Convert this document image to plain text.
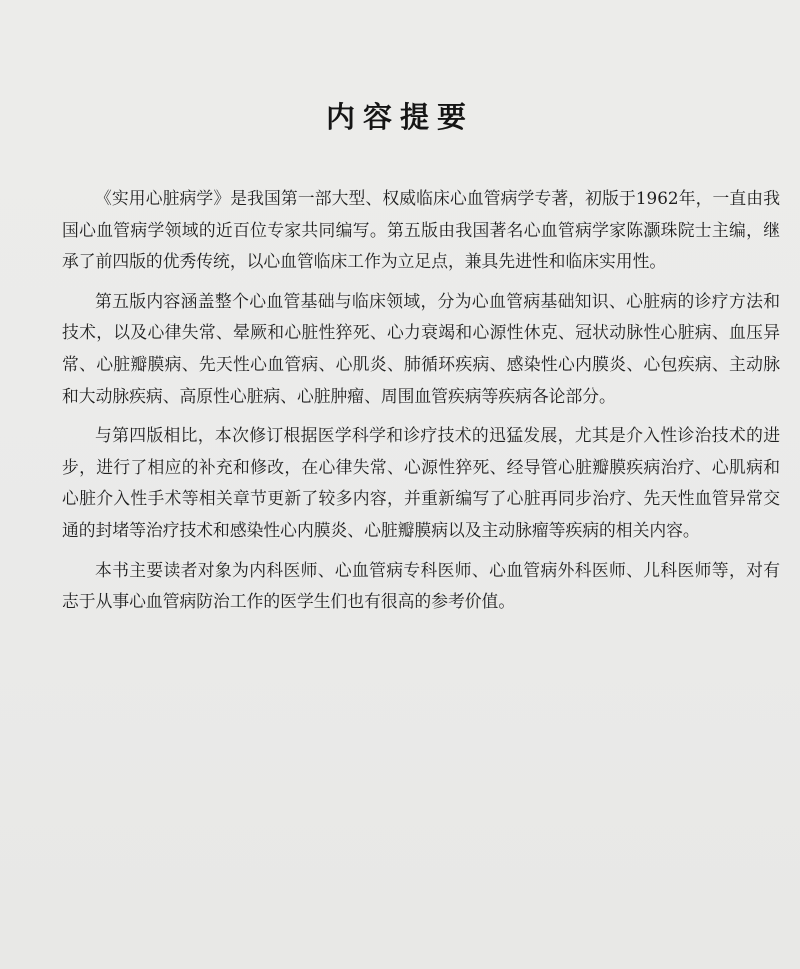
内容提要

《实用心脏病学》是我国第一部大型、权威临床心血管病学专著，初版于1962年，一直由我国心血管病学领域的近百位专家共同编写。第五版由我国著名心血管病学家陈灏珠院士主编，继承了前四版的优秀传统，以心血管临床工作为立足点，兼具先进性和临床实用性。

第五版内容涵盖整个心血管基础与临床领域，分为心血管病基础知识、心脏病的诊疗方法和技术，以及心律失常、晕厥和心脏性猝死、心力衰竭和心源性休克、冠状动脉性心脏病、血压异常、心脏瓣膜病、先天性心血管病、心肌炎、肺循环疾病、感染性心内膜炎、心包疾病、主动脉和大动脉疾病、高原性心脏病、心脏肿瘤、周围血管疾病等疾病各论部分。

与第四版相比，本次修订根据医学科学和诊疗技术的迅猛发展，尤其是介入性诊治技术的进步，进行了相应的补充和修改，在心律失常、心源性猝死、经导管心脏瓣膜疾病治疗、心肌病和心脏介入性手术等相关章节更新了较多内容，并重新编写了心脏再同步治疗、先天性血管异常交通的封堵等治疗技术和感染性心内膜炎、心脏瓣膜病以及主动脉瘤等疾病的相关内容。

本书主要读者对象为内科医师、心血管病专科医师、心血管病外科医师、儿科医师等，对有志于从事心血管病防治工作的医学生们也有很高的参考价值。
